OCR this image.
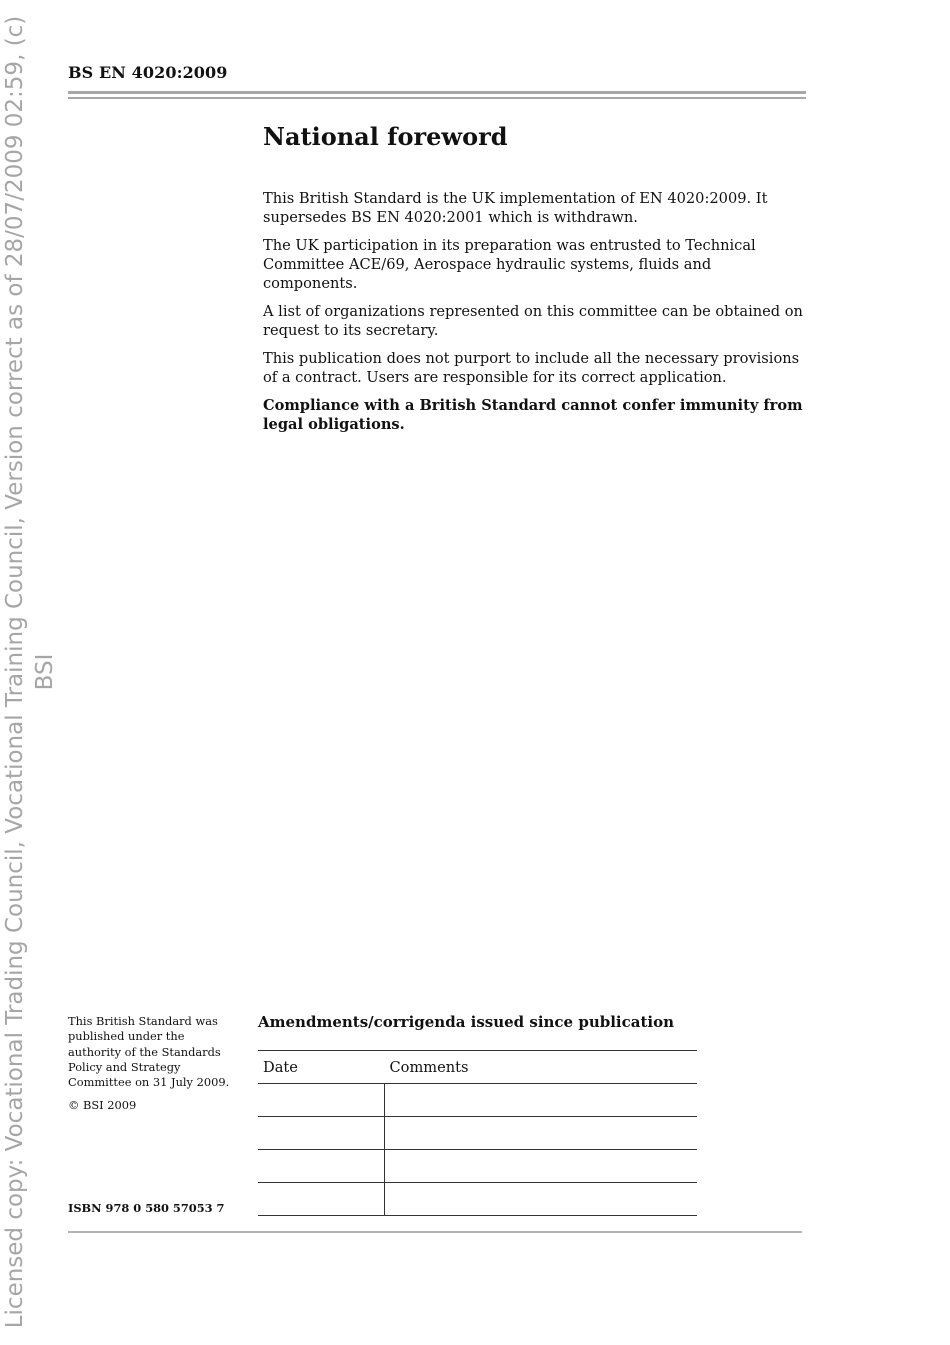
Licensed copy: Vocational Trading Council, Vocational Training Council, Version correct as of 28/07/2009 02:59, (c) BSI
BS EN 4020:2009
National foreword

This British Standard is the UK implementation of EN 4020:2009. It supersedes BS EN 4020:2001 which is withdrawn.

The UK participation in its preparation was entrusted to Technical Committee ACE/69, Aerospace hydraulic systems, fluids and components.

A list of organizations represented on this committee can be obtained on request to its secretary.

This publication does not purport to include all the necessary provisions of a contract. Users are responsible for its correct application.

Compliance with a British Standard cannot confer immunity from legal obligations.

This British Standard was published under the authority of the Standards Policy and Strategy Committee on 31 July 2009.

© BSI 2009

ISBN 978 0 580 57053 7
Amendments/corrigenda issued since publication
Date	Comments
